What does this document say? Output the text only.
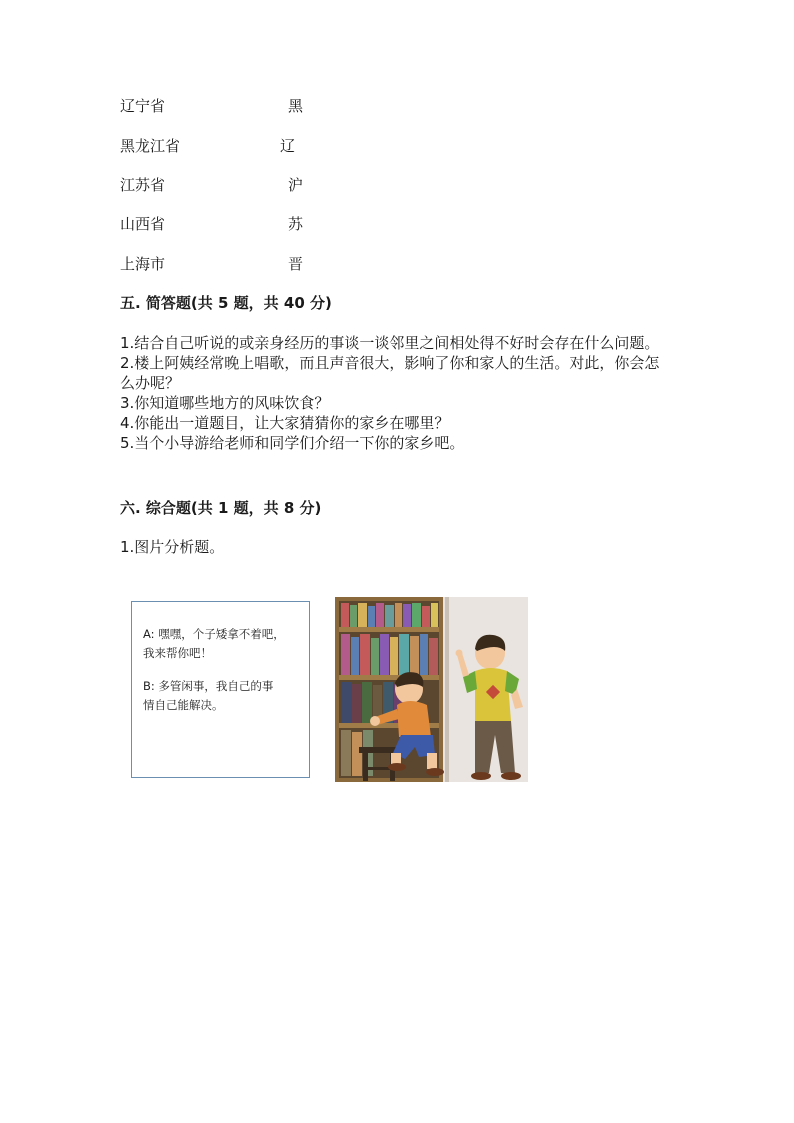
辽宁省	黑
黑龙江省	辽
江苏省	沪
山西省	苏
上海市	晋
五. 简答题(共 5 题，共 40 分)

1.结合自己听说的或亲身经历的事谈一谈邻里之间相处得不好时会存在什么问题。

2.楼上阿姨经常晚上唱歌，而且声音很大，影响了你和家人的生活。对此，你会怎么办呢？

3.你知道哪些地方的风味饮食？

4.你能出一道题目，让大家猜猜你的家乡在哪里？

5.当个小导游给老师和同学们介绍一下你的家乡吧。

六. 综合题(共 1 题，共 8 分)
1.图片分析题。
A: 嘿嘿，个子矮拿不着吧，
我来帮你吧！
B: 多管闲事，我自己的事
情自己能解决。
